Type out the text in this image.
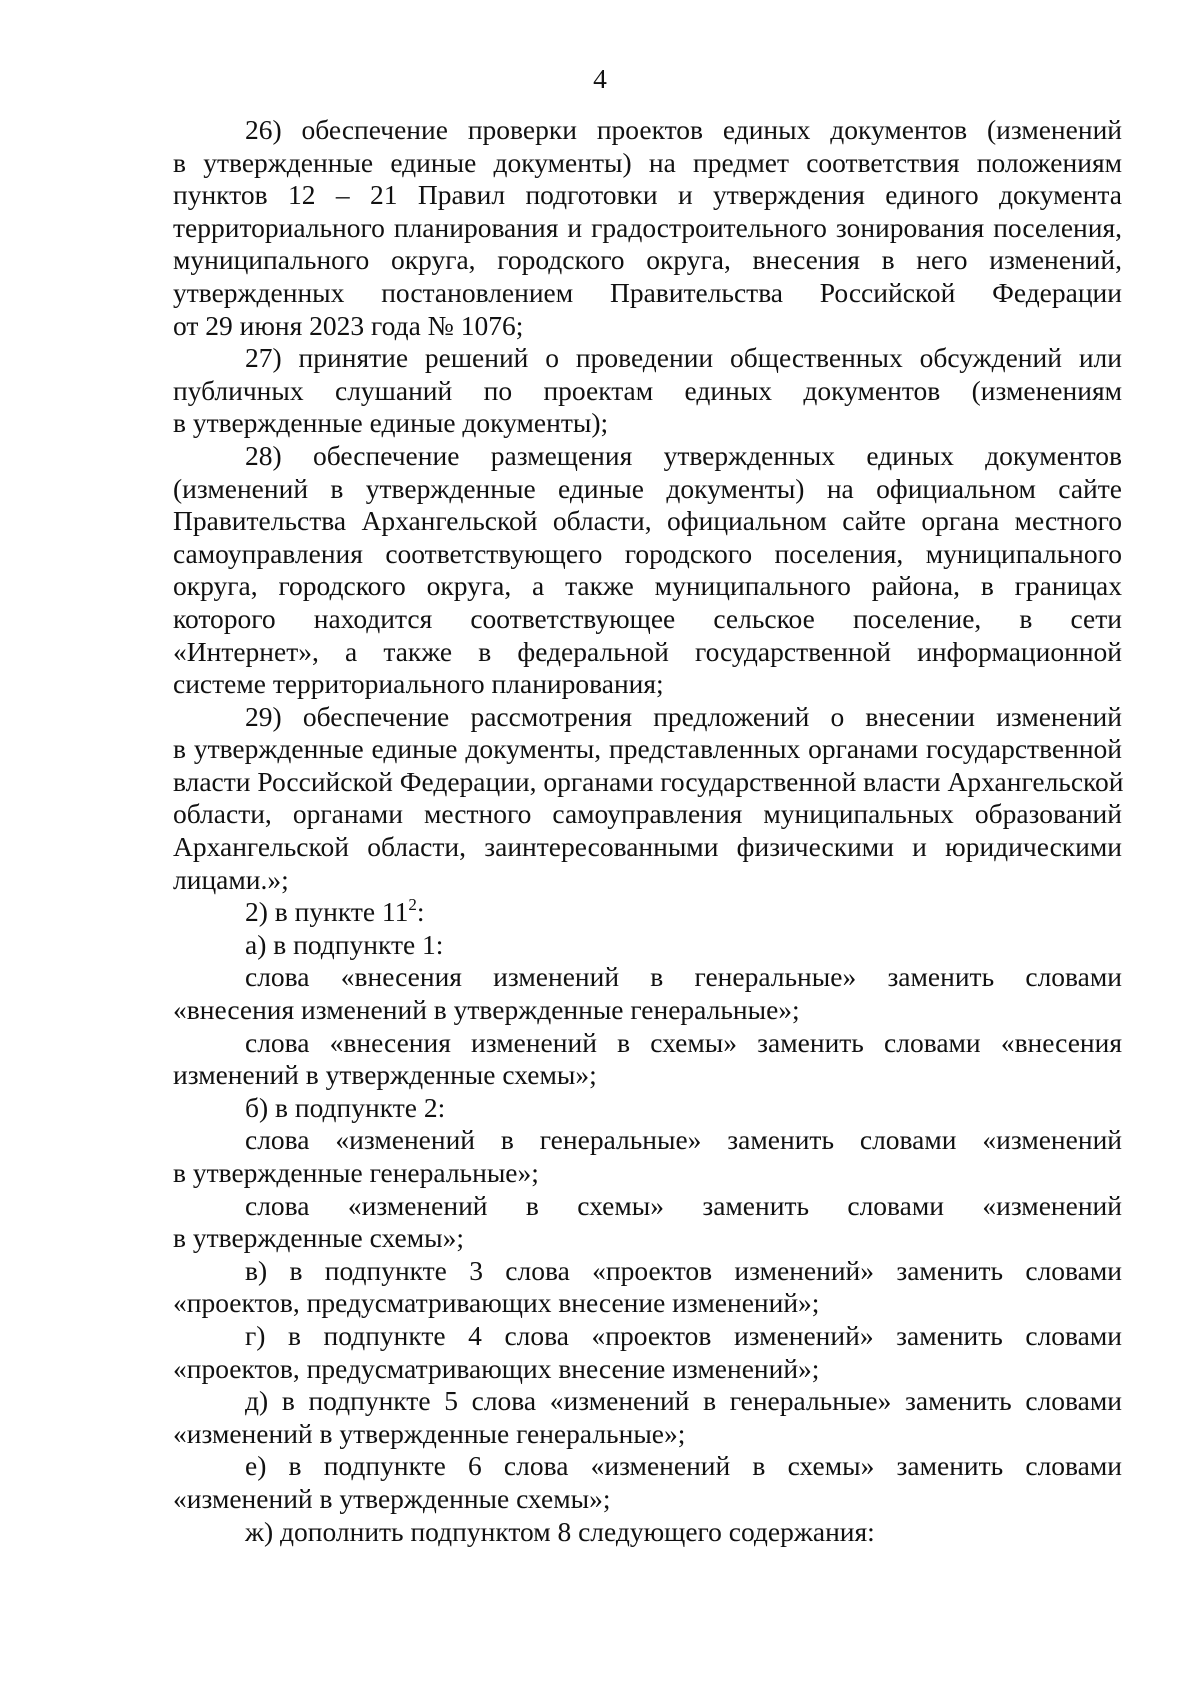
4
26) обеспечение проверки проектов единых документов (изменений
в утвержденные единые документы) на предмет соответствия положениям
пунктов 12 – 21 Правил подготовки и утверждения единого документа
территориального планирования и градостроительного зонирования поселения,
муниципального округа, городского округа, внесения в него изменений,
утвержденных постановлением Правительства Российской Федерации
от 29 июня 2023 года № 1076;
27) принятие решений о проведении общественных обсуждений или
публичных слушаний по проектам единых документов (изменениям
в утвержденные единые документы);
28) обеспечение размещения утвержденных единых документов
(изменений в утвержденные единые документы) на официальном сайте
Правительства Архангельской области, официальном сайте органа местного
самоуправления соответствующего городского поселения, муниципального
округа, городского округа, а также муниципального района, в границах
которого находится соответствующее сельское поселение, в сети
«Интернет», а также в федеральной государственной информационной
системе территориального планирования;
29) обеспечение рассмотрения предложений о внесении изменений
в утвержденные единые документы, представленных органами государственной
власти Российской Федерации, органами государственной власти Архангельской
области, органами местного самоуправления муниципальных образований
Архангельской области, заинтересованными физическими и юридическими
лицами.»;
2) в пункте $11^2$:
а) в подпункте 1:
слова «внесения изменений в генеральные» заменить словами
«внесения изменений в утвержденные генеральные»;
слова «внесения изменений в схемы» заменить словами «внесения
изменений в утвержденные схемы»;
б) в подпункте 2:
слова «изменений в генеральные» заменить словами «изменений
в утвержденные генеральные»;
слова «изменений в схемы» заменить словами «изменений
в утвержденные схемы»;
в) в подпункте 3 слова «проектов изменений» заменить словами
«проектов, предусматривающих внесение изменений»;
г) в подпункте 4 слова «проектов изменений» заменить словами
«проектов, предусматривающих внесение изменений»;
д) в подпункте 5 слова «изменений в генеральные» заменить словами
«изменений в утвержденные генеральные»;
е) в подпункте 6 слова «изменений в схемы» заменить словами
«изменений в утвержденные схемы»;
ж) дополнить подпунктом 8 следующего содержания:
